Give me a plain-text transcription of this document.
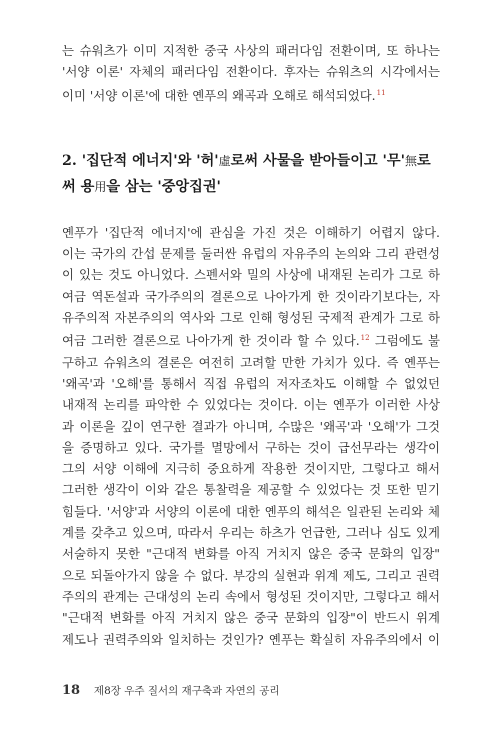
는 슈워츠가 이미 지적한 중국 사상의 패러다임 전환이며, 또 하나는
'서양 이론' 자체의 패러다임 전환이다. 후자는 슈워츠의 시각에서는
이미 '서양 이론'에 대한 옌푸의 왜곡과 오해로 해석되었다.$^{11}$

2. '집단적 에너지'와 '허'虛로써 사물을 받아들이고 '무'無로
써 용用을 삼는 '중앙집권'

옌푸가 '집단적 에너지'에 관심을 가진 것은 이해하기 어렵지 않다.
이는 국가의 간섭 문제를 둘러싼 유럽의 자유주의 논의와 그리 관련성
이 있는 것도 아니었다. 스펜서와 밀의 사상에 내재된 논리가 그로 하
여금 역돈설과 국가주의의 결론으로 나아가게 한 것이라기보다는, 자
유주의적 자본주의의 역사와 그로 인해 형성된 국제적 관계가 그로 하
여금 그러한 결론으로 나아가게 한 것이라 할 수 있다.$^{12}$ 그럼에도 불
구하고 슈워츠의 결론은 여전히 고려할 만한 가치가 있다. 즉 옌푸는
'왜곡'과 '오해'를 통해서 직접 유럽의 저자조차도 이해할 수 없었던
내재적 논리를 파악한 수 있었다는 것이다. 이는 옌푸가 이러한 사상
과 이론을 깊이 연구한 결과가 아니며, 수많은 '왜곡'과 '오해'가 그것
을 증명하고 있다. 국가를 멸망에서 구하는 것이 급선무라는 생각이
그의 서양 이해에 지극히 중요하게 작용한 것이지만, 그렇다고 해서
그러한 생각이 이와 같은 통찰력을 제공할 수 있었다는 것 또한 믿기
힘들다. '서양'과 서양의 이론에 대한 옌푸의 해석은 일관된 논리와 체
계를 갖추고 있으며, 따라서 우리는 하츠가 언급한, 그러나 심도 있게
서술하지 못한 "근대적 변화를 아직 거치지 않은 중국 문화의 입장"
으로 되돌아가지 않을 수 없다. 부강의 실현과 위계 제도, 그리고 권력
주의의 관계는 근대성의 논리 속에서 형성된 것이지만, 그렇다고 해서
"근대적 변화를 아직 거치지 않은 중국 문화의 입장"이 반드시 위계
제도나 권력주의와 일치하는 것인가? 옌푸는 확실히 자유주의에서 이

18 제8장 우주 질서의 재구축과 자연의 공리
